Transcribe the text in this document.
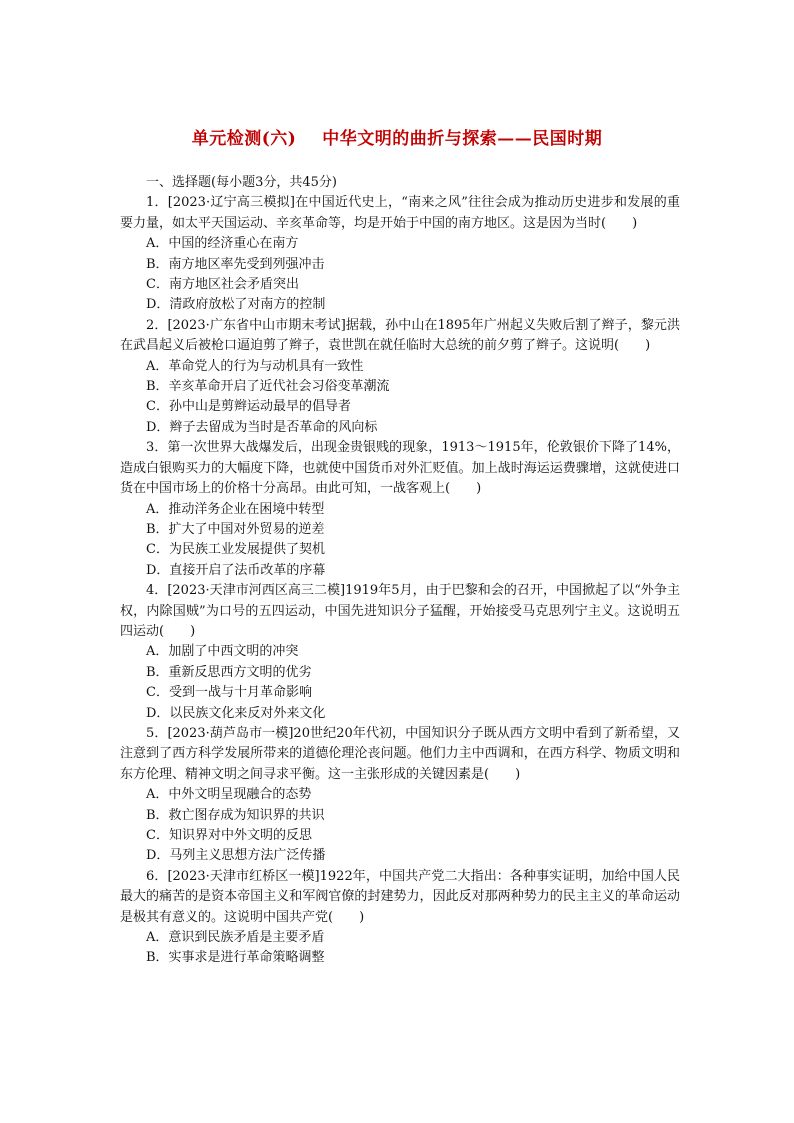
单元检测(六) 中华文明的曲折与探索——民国时期

一、选择题(每小题3分，共45分)

1．[2023·辽宁高三模拟]在中国近代史上，“南来之风”往往会成为推动历史进步和发展的重要力量，如太平天国运动、辛亥革命等，均是开始于中国的南方地区。这是因为当时(　　)

A．中国的经济重心在南方

B．南方地区率先受到列强冲击

C．南方地区社会矛盾突出

D．清政府放松了对南方的控制

2．[2023·广东省中山市期末考试]据载，孙中山在1895年广州起义失败后割了辫子，黎元洪在武昌起义后被枪口逼迫剪了辫子，袁世凯在就任临时大总统的前夕剪了辫子。这说明(　　)

A．革命党人的行为与动机具有一致性

B．辛亥革命开启了近代社会习俗变革潮流

C．孙中山是剪辫运动最早的倡导者

D．辫子去留成为当时是否革命的风向标

3．第一次世界大战爆发后，出现金贵银贱的现象，1913～1915年，伦敦银价下降了14%，造成白银购买力的大幅度下降，也就使中国货币对外汇贬值。加上战时海运运费骤增，这就使进口货在中国市场上的价格十分高昂。由此可知，一战客观上(　　)

A．推动洋务企业在困境中转型

B．扩大了中国对外贸易的逆差

C．为民族工业发展提供了契机

D．直接开启了法币改革的序幕

4．[2023·天津市河西区高三二模]1919年5月，由于巴黎和会的召开，中国掀起了以“外争主权，内除国贼”为口号的五四运动，中国先进知识分子猛醒，开始接受马克思列宁主义。这说明五四运动(　　)

A．加剧了中西文明的冲突

B．重新反思西方文明的优劣

C．受到一战与十月革命影响

D．以民族文化来反对外来文化

5．[2023·葫芦岛市一模]20世纪20年代初，中国知识分子既从西方文明中看到了新希望，又注意到了西方科学发展所带来的道德伦理沦丧问题。他们力主中西调和，在西方科学、物质文明和东方伦理、精神文明之间寻求平衡。这一主张形成的关键因素是(　　)

A．中外文明呈现融合的态势

B．救亡图存成为知识界的共识

C．知识界对中外文明的反思

D．马列主义思想方法广泛传播

6．[2023·天津市红桥区一模]1922年，中国共产党二大指出：各种事实证明，加给中国人民最大的痛苦的是资本帝国主义和军阀官僚的封建势力，因此反对那两种势力的民主主义的革命运动是极其有意义的。这说明中国共产党(　　)

A．意识到民族矛盾是主要矛盾

B．实事求是进行革命策略调整
